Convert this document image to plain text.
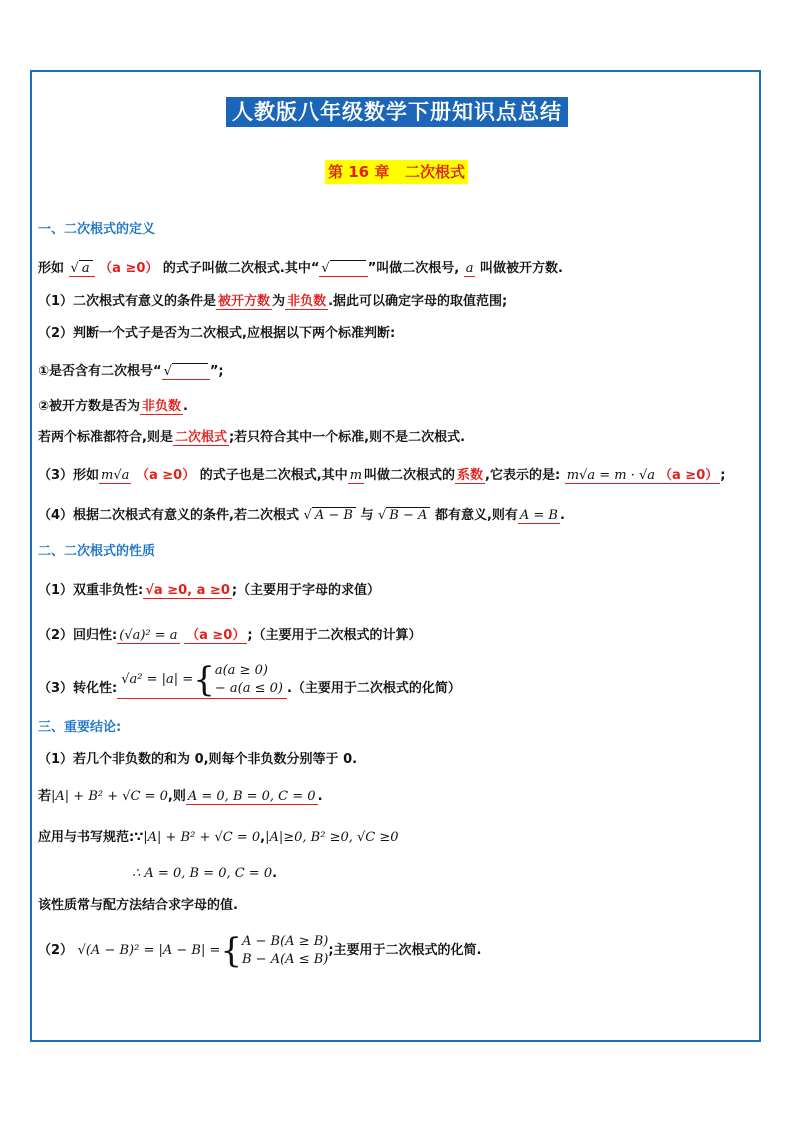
人教版八年级数学下册知识点总结
第 16 章   二次根式
一、二次根式的定义
形如 √ a （a ≥0） 的式子叫做二次根式.其中“ √	”叫做二次根号, a 叫做被开方数.
（1）二次根式有意义的条件是 被开方数 为 非负数 .据此可以确定字母的取值范围;
（2）判断一个式子是否为二次根式,应根据以下两个标准判断:
①是否含有二次根号“ √	”;
②被开方数是否为 非负数 .
若两个标准都符合,则是 二次根式 ;若只符合其中一个标准,则不是二次根式.
（3）形如 m√a （a ≥0） 的式子也是二次根式,其中 m 叫做二次根式的 系数 ,它表示的是: m√a = m · √a （a ≥0） ;
（4）根据二次根式有意义的条件,若二次根式 √ A − B 与 √ B − A 都有意义,则有 A = B .
二、二次根式的性质
（1）双重非负性: √a ≥0, a ≥0 ;（主要用于字母的求值）
（2）回归性: (√a)² = a （a ≥0） ;（主要用于二次根式的计算）
（3）转化性:√a² = |a| ={a(a ≥ 0)
− a(a ≤ 0) .（主要用于二次根式的化简）
三、重要结论:
（1）若几个非负数的和为 0,则每个非负数分别等于 0.
若|A| + B² + √C = 0,则 A = 0, B = 0, C = 0 .
应用与书写规范:∵|A| + B² + √C = 0,|A|≥0, B² ≥0, √C ≥0
∴ A = 0, B = 0, C = 0.
该性质常与配方法结合求字母的值.
（2） √(A − B)² = |A − B| ={A − B(A ≥ B)
B − A(A ≤ B);主要用于二次根式的化简.
